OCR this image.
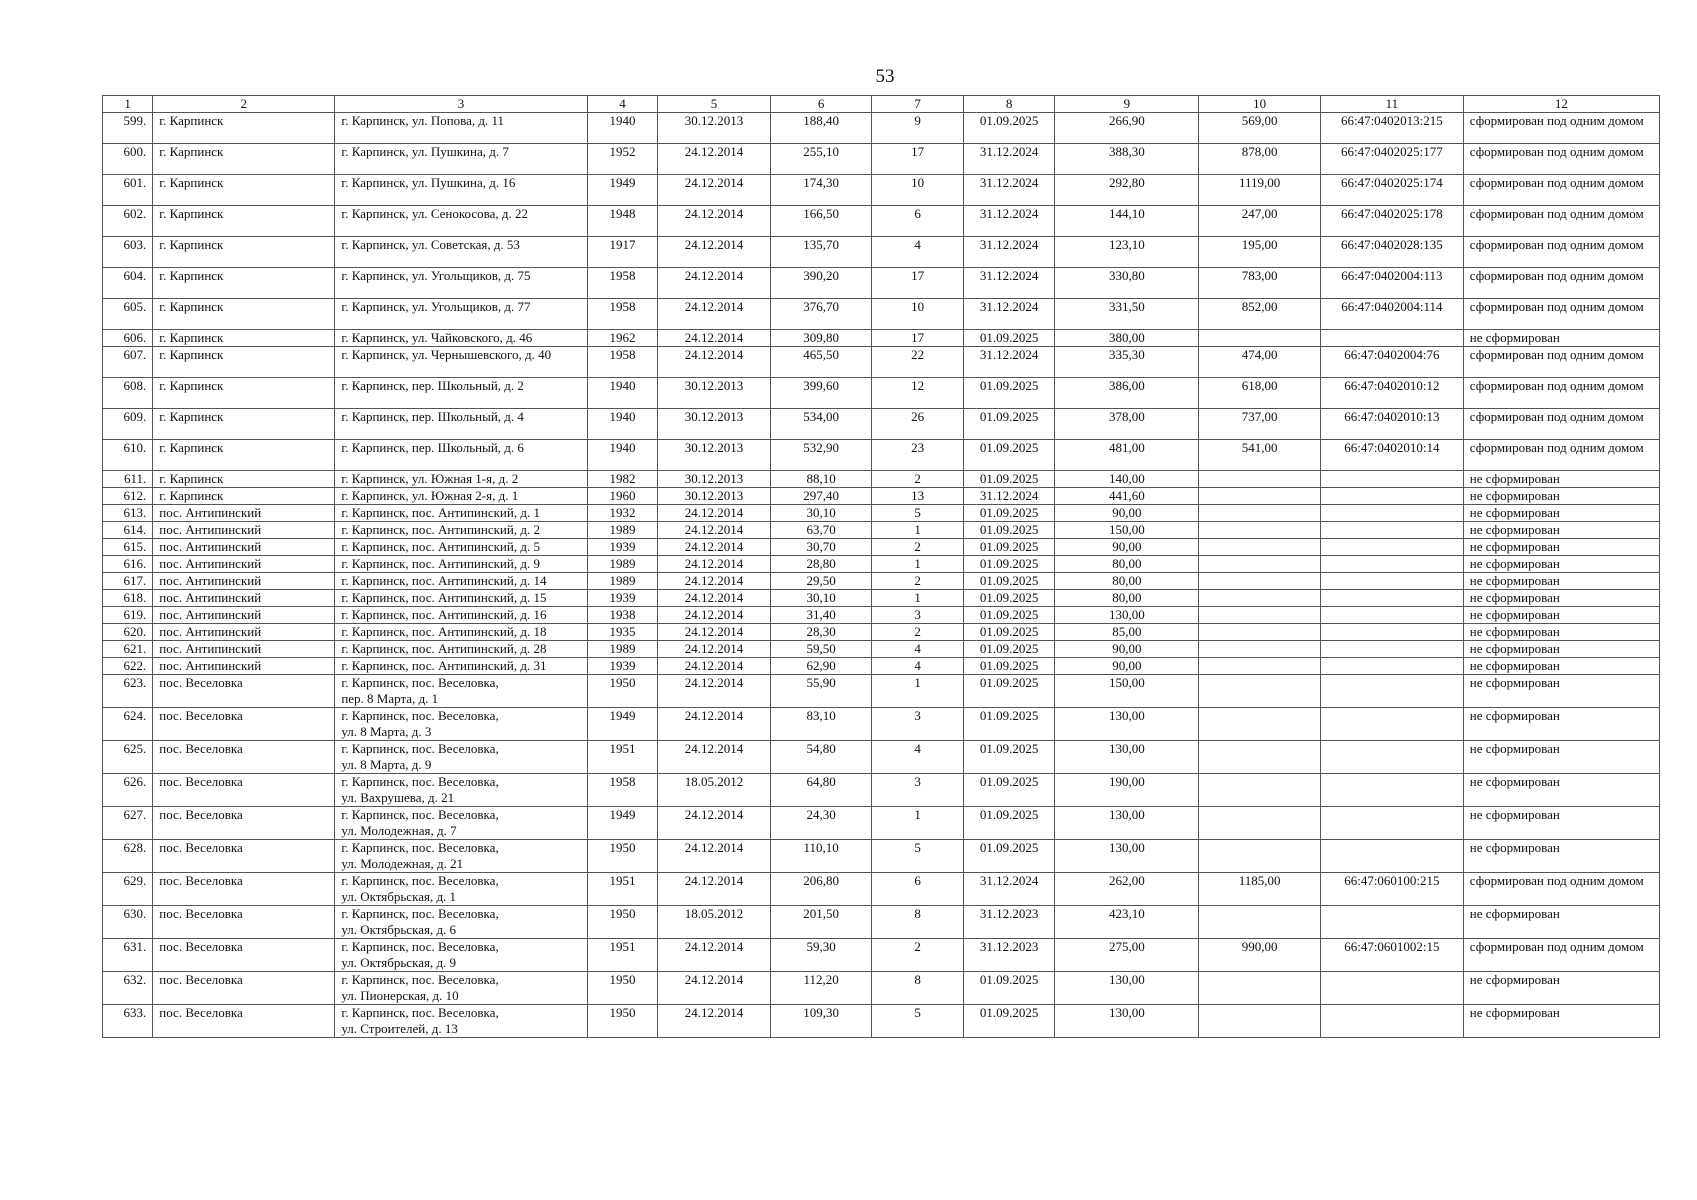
53
1	2	3	4	5	6	7	8	9	10	11	12
599.	г. Карпинск	г. Карпинск, ул. Попова, д. 11	1940	30.12.2013	188,40	9	01.09.2025	266,90	569,00	66:47:0402013:215	сформирован под одним домом
600.	г. Карпинск	г. Карпинск, ул. Пушкина, д. 7	1952	24.12.2014	255,10	17	31.12.2024	388,30	878,00	66:47:0402025:177	сформирован под одним домом
601.	г. Карпинск	г. Карпинск, ул. Пушкина, д. 16	1949	24.12.2014	174,30	10	31.12.2024	292,80	1119,00	66:47:0402025:174	сформирован под одним домом
602.	г. Карпинск	г. Карпинск, ул. Сенокосова, д. 22	1948	24.12.2014	166,50	6	31.12.2024	144,10	247,00	66:47:0402025:178	сформирован под одним домом
603.	г. Карпинск	г. Карпинск, ул. Советская, д. 53	1917	24.12.2014	135,70	4	31.12.2024	123,10	195,00	66:47:0402028:135	сформирован под одним домом
604.	г. Карпинск	г. Карпинск, ул. Угольщиков, д. 75	1958	24.12.2014	390,20	17	31.12.2024	330,80	783,00	66:47:0402004:113	сформирован под одним домом
605.	г. Карпинск	г. Карпинск, ул. Угольщиков, д. 77	1958	24.12.2014	376,70	10	31.12.2024	331,50	852,00	66:47:0402004:114	сформирован под одним домом
606.	г. Карпинск	г. Карпинск, ул. Чайковского, д. 46	1962	24.12.2014	309,80	17	01.09.2025	380,00			не сформирован
607.	г. Карпинск	г. Карпинск, ул. Чернышевского, д. 40	1958	24.12.2014	465,50	22	31.12.2024	335,30	474,00	66:47:0402004:76	сформирован под одним домом
608.	г. Карпинск	г. Карпинск, пер. Школьный, д. 2	1940	30.12.2013	399,60	12	01.09.2025	386,00	618,00	66:47:0402010:12	сформирован под одним домом
609.	г. Карпинск	г. Карпинск, пер. Школьный, д. 4	1940	30.12.2013	534,00	26	01.09.2025	378,00	737,00	66:47:0402010:13	сформирован под одним домом
610.	г. Карпинск	г. Карпинск, пер. Школьный, д. 6	1940	30.12.2013	532,90	23	01.09.2025	481,00	541,00	66:47:0402010:14	сформирован под одним домом
611.	г. Карпинск	г. Карпинск, ул. Южная 1-я, д. 2	1982	30.12.2013	88,10	2	01.09.2025	140,00			не сформирован
612.	г. Карпинск	г. Карпинск, ул. Южная 2-я, д. 1	1960	30.12.2013	297,40	13	31.12.2024	441,60			не сформирован
613.	пос. Антипинский	г. Карпинск, пос. Антипинский, д. 1	1932	24.12.2014	30,10	5	01.09.2025	90,00			не сформирован
614.	пос. Антипинский	г. Карпинск, пос. Антипинский, д. 2	1989	24.12.2014	63,70	1	01.09.2025	150,00			не сформирован
615.	пос. Антипинский	г. Карпинск, пос. Антипинский, д. 5	1939	24.12.2014	30,70	2	01.09.2025	90,00			не сформирован
616.	пос. Антипинский	г. Карпинск, пос. Антипинский, д. 9	1989	24.12.2014	28,80	1	01.09.2025	80,00			не сформирован
617.	пос. Антипинский	г. Карпинск, пос. Антипинский, д. 14	1989	24.12.2014	29,50	2	01.09.2025	80,00			не сформирован
618.	пос. Антипинский	г. Карпинск, пос. Антипинский, д. 15	1939	24.12.2014	30,10	1	01.09.2025	80,00			не сформирован
619.	пос. Антипинский	г. Карпинск, пос. Антипинский, д. 16	1938	24.12.2014	31,40	3	01.09.2025	130,00			не сформирован
620.	пос. Антипинский	г. Карпинск, пос. Антипинский, д. 18	1935	24.12.2014	28,30	2	01.09.2025	85,00			не сформирован
621.	пос. Антипинский	г. Карпинск, пос. Антипинский, д. 28	1989	24.12.2014	59,50	4	01.09.2025	90,00			не сформирован
622.	пос. Антипинский	г. Карпинск, пос. Антипинский, д. 31	1939	24.12.2014	62,90	4	01.09.2025	90,00			не сформирован
623.	пос. Веселовка	г. Карпинск, пос. Веселовка,
пер. 8 Марта, д. 1	1950	24.12.2014	55,90	1	01.09.2025	150,00			не сформирован
624.	пос. Веселовка	г. Карпинск, пос. Веселовка,
ул. 8 Марта, д. 3	1949	24.12.2014	83,10	3	01.09.2025	130,00			не сформирован
625.	пос. Веселовка	г. Карпинск, пос. Веселовка,
ул. 8 Марта, д. 9	1951	24.12.2014	54,80	4	01.09.2025	130,00			не сформирован
626.	пос. Веселовка	г. Карпинск, пос. Веселовка,
ул. Вахрушева, д. 21	1958	18.05.2012	64,80	3	01.09.2025	190,00			не сформирован
627.	пос. Веселовка	г. Карпинск, пос. Веселовка,
ул. Молодежная, д. 7	1949	24.12.2014	24,30	1	01.09.2025	130,00			не сформирован
628.	пос. Веселовка	г. Карпинск, пос. Веселовка,
ул. Молодежная, д. 21	1950	24.12.2014	110,10	5	01.09.2025	130,00			не сформирован
629.	пос. Веселовка	г. Карпинск, пос. Веселовка,
ул. Октябрьская, д. 1	1951	24.12.2014	206,80	6	31.12.2024	262,00	1185,00	66:47:060100:215	сформирован под одним домом
630.	пос. Веселовка	г. Карпинск, пос. Веселовка,
ул. Октябрьская, д. 6	1950	18.05.2012	201,50	8	31.12.2023	423,10			не сформирован
631.	пос. Веселовка	г. Карпинск, пос. Веселовка,
ул. Октябрьская, д. 9	1951	24.12.2014	59,30	2	31.12.2023	275,00	990,00	66:47:0601002:15	сформирован под одним домом
632.	пос. Веселовка	г. Карпинск, пос. Веселовка,
ул. Пионерская, д. 10	1950	24.12.2014	112,20	8	01.09.2025	130,00			не сформирован
633.	пос. Веселовка	г. Карпинск, пос. Веселовка,
ул. Строителей, д. 13	1950	24.12.2014	109,30	5	01.09.2025	130,00			не сформирован
